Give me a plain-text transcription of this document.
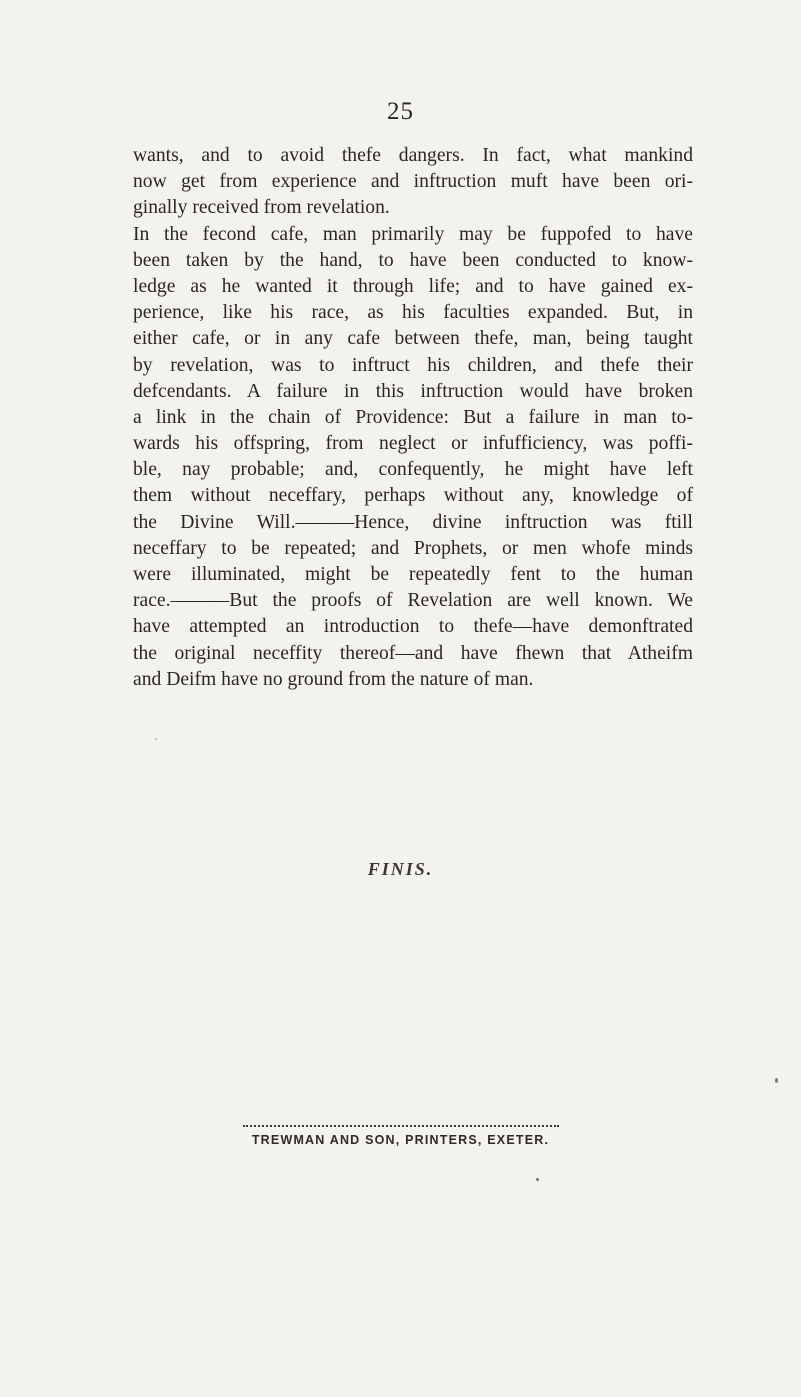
25
wants, and to avoid thefe dangers. In fact, what mankind
now get from experience and inftruction muft have been ori-
ginally received from revelation.
In the fecond cafe, man primarily may be fuppofed to have
been taken by the hand, to have been conducted to know-
ledge as he wanted it through life; and to have gained ex-
perience, like his race, as his faculties expanded. But, in
either cafe, or in any cafe between thefe, man, being taught
by revelation, was to inftruct his children, and thefe their
defcendants. A failure in this inftruction would have broken
a link in the chain of Providence: But a failure in man to-
wards his offspring, from neglect or infufficiency, was poffi-
ble, nay probable; and, confequently, he might have left
them without neceffary, perhaps without any, knowledge of
the Divine Will.———Hence, divine inftruction was ftill
neceffary to be repeated; and Prophets, or men whofe minds
were illuminated, might be repeatedly fent to the human
race.———But the proofs of Revelation are well known. We
have attempted an introduction to thefe—have demonftrated
the original neceffity thereof—and have fhewn that Atheifm
and Deifm have no ground from the nature of man.
FINIS.
TREWMAN AND SON, PRINTERS, EXETER.
